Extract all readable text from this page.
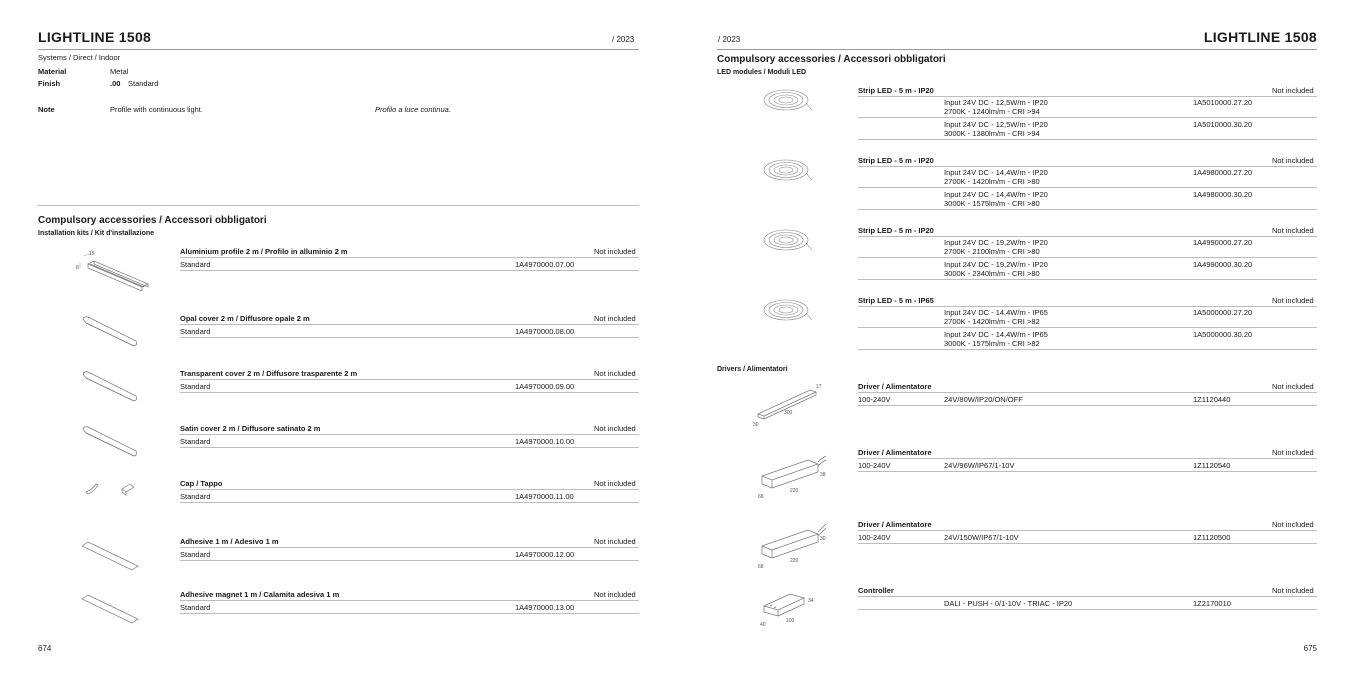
LIGHTLINE 1508	/ 2023
Systems / Direct / Indoor
Material	Metal
Finish	.00 Standard
Note	Profile with continuous light.	Profilo a luce continua.
Compulsory accessories / Accessori obbligatori
Installation kits / Kit d'installazione
15
8
Aluminium profile 2 m / Profilo in alluminio 2 m	Not included
Standard	1A4970000.07.00
Opal cover 2 m / Diffusore opale 2 m	Not included
Standard	1A4970000.08.00
Transparent cover 2 m / Diffusore trasparente 2 m	Not included
Standard	1A4970000.09.00
Satin cover 2 m / Diffusore satinato 2 m	Not included
Standard	1A4970000.10.00
Cap / Tappo	Not included
Standard	1A4970000.11.00
Adhesive 1 m / Adesivo 1 m	Not included
Standard	1A4970000.12.00
Adhesive magnet 1 m / Calamita adesiva 1 m	Not included
Standard	1A4970000.13.00
674
/ 2023	LIGHTLINE 1508
Compulsory accessories / Accessori obbligatori
LED modules / Moduli LED
Strip LED - 5 m - IP20	Not included
Input 24V DC - 12,5W/m - IP20
2700K - 1240lm/m - CRI >94
1A5010000.27.20
Input 24V DC - 12,5W/m - IP20
3000K - 1380lm/m - CRI >94
1A5010000.30.20
Strip LED - 5 m - IP20	Not included
Input 24V DC - 14,4W/m - IP20
2700K - 1420lm/m - CRI >80
1A4980000.27.20
Input 24V DC - 14,4W/m - IP20
3000K - 1575lm/m - CRI >80
1A4980000.30.20
Strip LED - 5 m - IP20	Not included
Input 24V DC - 19,2W/m - IP20
2700K - 2100lm/m - CRI >80
1A4990000.27.20
Input 24V DC - 19,2W/m - IP20
3000K - 2340lm/m - CRI >80
1A4990000.30.20
Strip LED - 5 m - IP65	Not included
Input 24V DC - 14,4W/m - IP65
2700K - 1420lm/m - CRI >82
1A5000000.27.20
Input 24V DC - 14,4W/m - IP65
3000K - 1575lm/m - CRI >82
1A5000000.30.20
Drivers / Alimentatori
17
300
30
Driver / Alimentatore	Not included
100-240V	24V/80W/IP20/ON/OFF	1Z1120440
38
220
68
Driver / Alimentatore	Not included
100-240V	24V/96W/IP67/1-10V	1Z1120540
30
220
68
Driver / Alimentatore	Not included
100-240V	24V/150W/IP67/1-10V	1Z1120500
34
100
40
Controller	Not included
DALI - PUSH - 0/1-10V - TRIAC - IP20	1Z2170010
675
